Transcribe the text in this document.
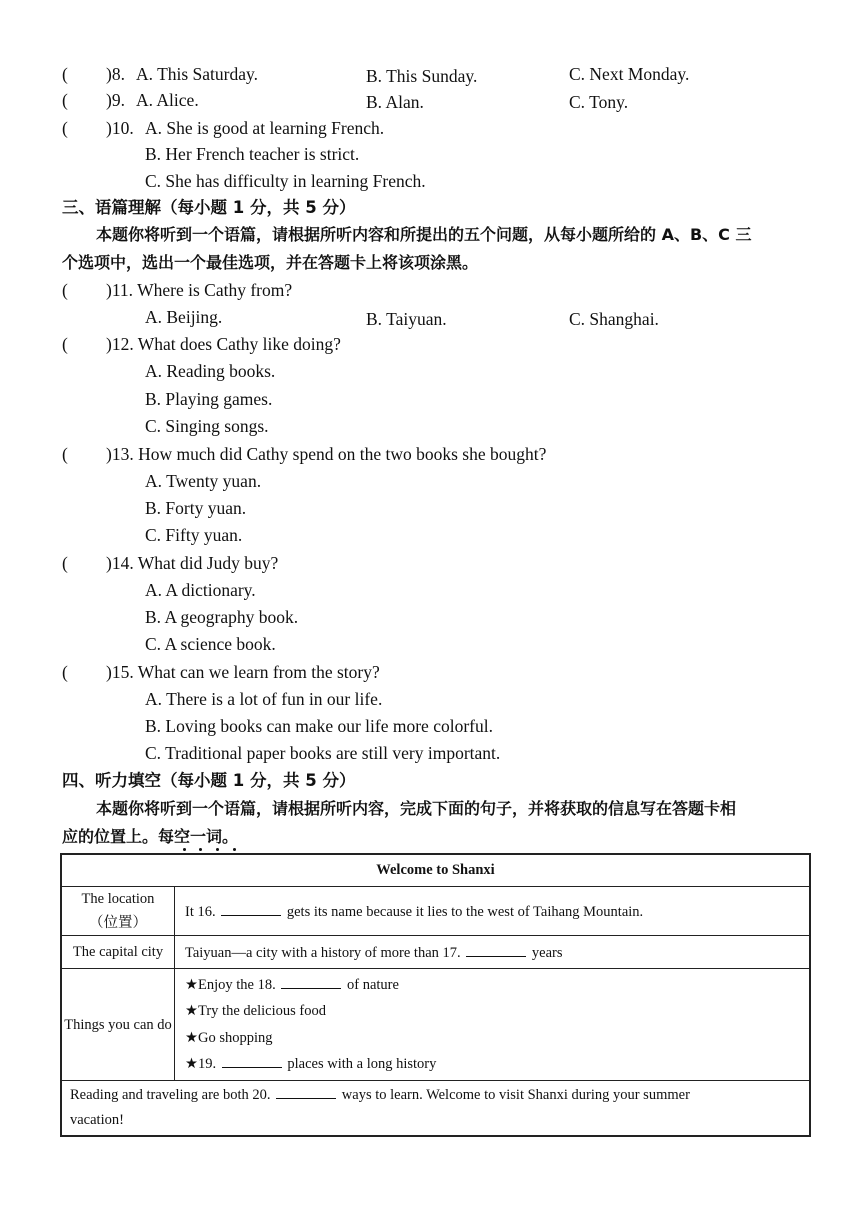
( )8. A. This Saturday.	B. This Sunday.	C. Next Monday.
( )9. A. Alice.	B. Alan.	C. Tony.
( )10. A. She is good at learning French.
B. Her French teacher is strict.
C. She has difficulty in learning French.
三、语篇理解（每小题 1 分，共 5 分）
本题你将听到一个语篇，请根据所听内容和所提出的五个问题，从每小题所给的 A、B、C 三
个选项中，选出一个最佳选项，并在答题卡上将该项涂黑。
( )11. Where is Cathy from?
A. Beijing.	B. Taiyuan.	C. Shanghai.
( )12. What does Cathy like doing?
A. Reading books.
B. Playing games.
C. Singing songs.
( )13. How much did Cathy spend on the two books she bought?
A. Twenty yuan.
B. Forty yuan.
C. Fifty yuan.
( )14. What did Judy buy?
A. A dictionary.
B. A geography book.
C. A science book.
( )15. What can we learn from the story?
A. There is a lot of fun in our life.
B. Loving books can make our life more colorful.
C. Traditional paper books are still very important.
四、听力填空（每小题 1 分，共 5 分）
本题你将听到一个语篇，请根据所听内容，完成下面的句子，并将获取的信息写在答题卡相
应的位置上。每空一词。
Welcome to Shanxi	

The location
（位置）	It 16. gets its name because it lies to the west of Taihang Mountain.
The capital city	Taiyuan—a city with a history of more than 17. years
Things you can do	★Enjoy the 18. of nature
★Try the delicious food
★Go shopping
★19. places with a long history

Reading and traveling are both 20. ways to learn. Welcome to visit Shanxi during your summer
vacation!	
